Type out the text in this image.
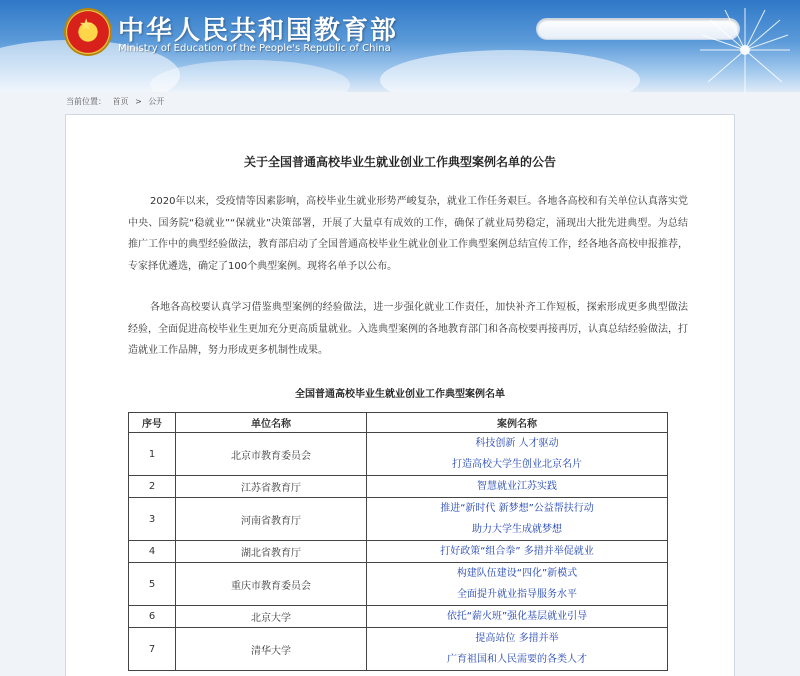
★ 中华人民共和国教育部
Ministry of Education of the People's Republic of China
当前位置： 首页 > 公开
关于全国普通高校毕业生就业创业工作典型案例名单的公告
2020年以来，受疫情等因素影响，高校毕业生就业形势严峻复杂，就业工作任务艰巨。各地各高校和有关单位认真落实党中央、国务院“稳就业”“保就业”决策部署，开展了大量卓有成效的工作，确保了就业局势稳定，涌现出大批先进典型。为总结推广工作中的典型经验做法，教育部启动了全国普通高校毕业生就业创业工作典型案例总结宣传工作，经各地各高校申报推荐，专家择优遴选，确定了100个典型案例。现将名单予以公布。
各地各高校要认真学习借鉴典型案例的经验做法，进一步强化就业工作责任，加快补齐工作短板，探索形成更多典型做法经验，全面促进高校毕业生更加充分更高质量就业。入选典型案例的各地教育部门和各高校要再接再厉，认真总结经验做法，打造就业工作品牌，努力形成更多机制性成果。
全国普通高校毕业生就业创业工作典型案例名单
序号	单位名称	案例名称
1	北京市教育委员会	科技创新 人才驱动
打造高校大学生创业北京名片

2	江苏省教育厅	智慧就业江苏实践

3	河南省教育厅	推进“新时代 新梦想”公益帮扶行动
助力大学生成就梦想

4	湖北省教育厅	打好政策“组合拳” 多措并举促就业

5	重庆市教育委员会	构建队伍建设“四化”新模式
全面提升就业指导服务水平

6	北京大学	依托“薪火班”强化基层就业引导

7	清华大学	提高站位 多措并举
广育祖国和人民需要的各类人才
